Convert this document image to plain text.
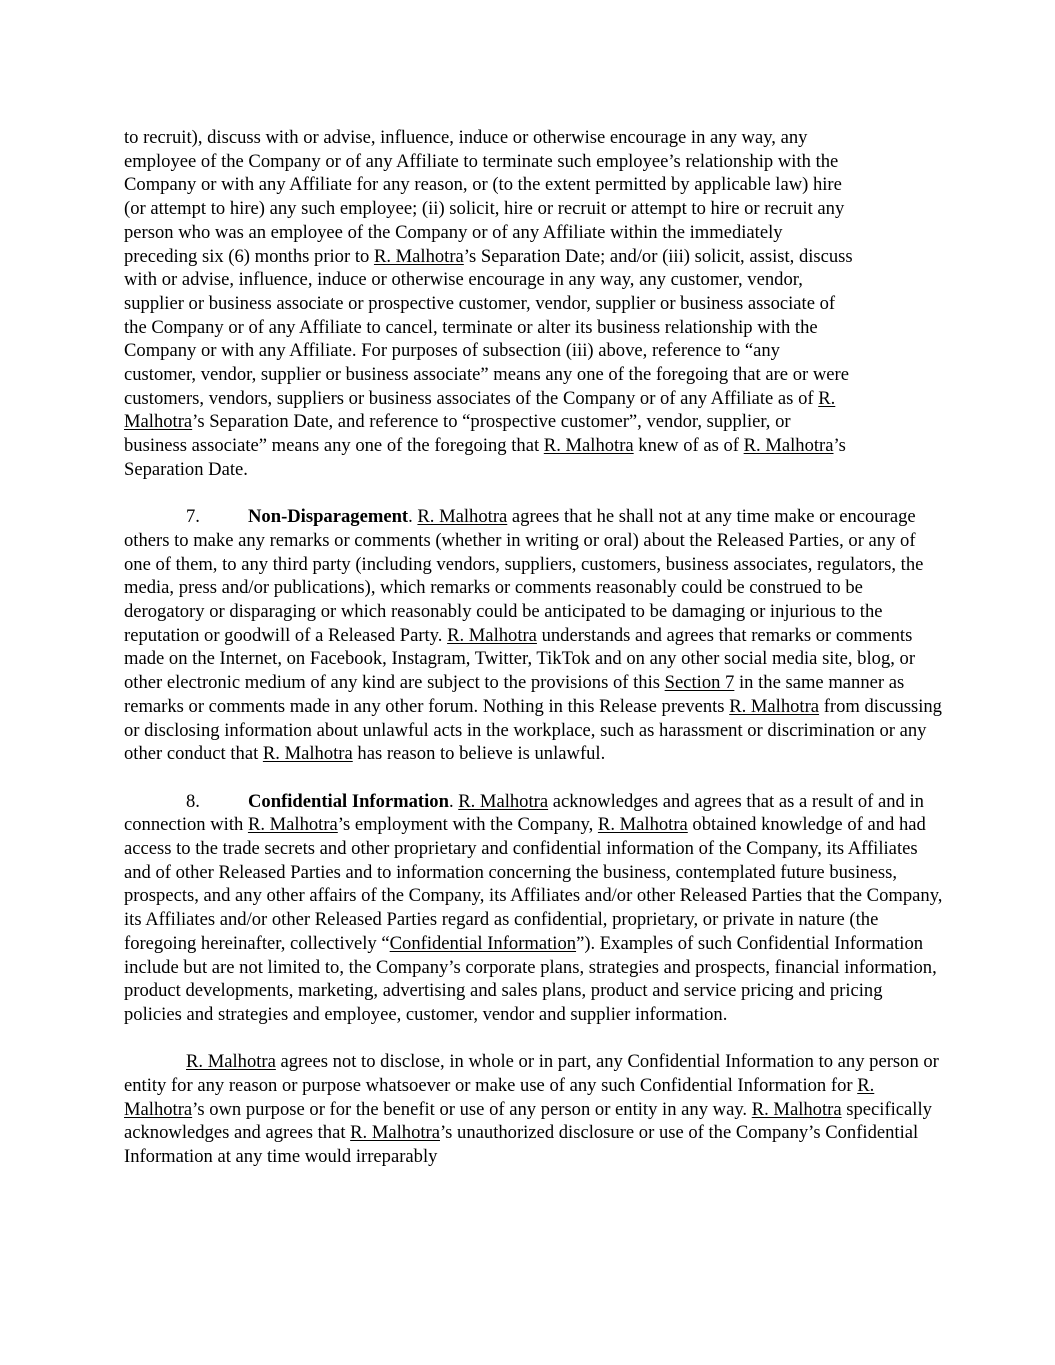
to recruit), discuss with or advise, influence, induce or otherwise encourage in any way, any
employee of the Company or of any Affiliate to terminate such employee’s relationship with the
Company or with any Affiliate for any reason, or (to the extent permitted by applicable law) hire
(or attempt to hire) any such employee; (ii) solicit, hire or recruit or attempt to hire or recruit any
person who was an employee of the Company or of any Affiliate within the immediately
preceding six (6) months prior to R. Malhotra’s Separation Date; and/or (iii) solicit, assist, discuss
with or advise, influence, induce or otherwise encourage in any way, any customer, vendor,
supplier or business associate or prospective customer, vendor, supplier or business associate of
the Company or of any Affiliate to cancel, terminate or alter its business relationship with the
Company or with any Affiliate. For purposes of subsection (iii) above, reference to “any
customer, vendor, supplier or business associate” means any one of the foregoing that are or were
customers, vendors, suppliers or business associates of the Company or of any Affiliate as of R.
Malhotra’s Separation Date, and reference to “prospective customer”, vendor, supplier, or
business associate” means any one of the foregoing that R. Malhotra knew of as of R. Malhotra’s
Separation Date.

7.	Non-Disparagement. R. Malhotra agrees that he shall not at any time make or encourage others to make any remarks or comments (whether in writing or oral) about the Released Parties, or any of one of them, to any third party (including vendors, suppliers, customers, business associates, regulators, the media, press and/or publications), which remarks or comments reasonably could be construed to be derogatory or disparaging or which reasonably could be anticipated to be damaging or injurious to the reputation or goodwill of a Released Party. R. Malhotra understands and agrees that remarks or comments made on the Internet, on Facebook, Instagram, Twitter, TikTok and on any other social media site, blog, or other electronic medium of any kind are subject to the provisions of this Section 7 in the same manner as remarks or comments made in any other forum. Nothing in this Release prevents R. Malhotra from discussing or disclosing information about unlawful acts in the workplace, such as harassment or discrimination or any other conduct that R. Malhotra has reason to believe is unlawful.

8.	Confidential Information. R. Malhotra acknowledges and agrees that as a result of and in connection with R. Malhotra’s employment with the Company, R. Malhotra obtained knowledge of and had access to the trade secrets and other proprietary and confidential information of the Company, its Affiliates and of other Released Parties and to information concerning the business, contemplated future business, prospects, and any other affairs of the Company, its Affiliates and/or other Released Parties that the Company, its Affiliates and/or other Released Parties regard as confidential, proprietary, or private in nature (the foregoing hereinafter, collectively “Confidential Information”). Examples of such Confidential Information include but are not limited to, the Company’s corporate plans, strategies and prospects, financial information, product developments, marketing, advertising and sales plans, product and service pricing and pricing policies and strategies and employee, customer, vendor and supplier information.

R. Malhotra agrees not to disclose, in whole or in part, any Confidential Information to any person or entity for any reason or purpose whatsoever or make use of any such Confidential Information for R. Malhotra’s own purpose or for the benefit or use of any person or entity in any way. R. Malhotra specifically acknowledges and agrees that R. Malhotra’s unauthorized disclosure or use of the Company’s Confidential Information at any time would irreparably
